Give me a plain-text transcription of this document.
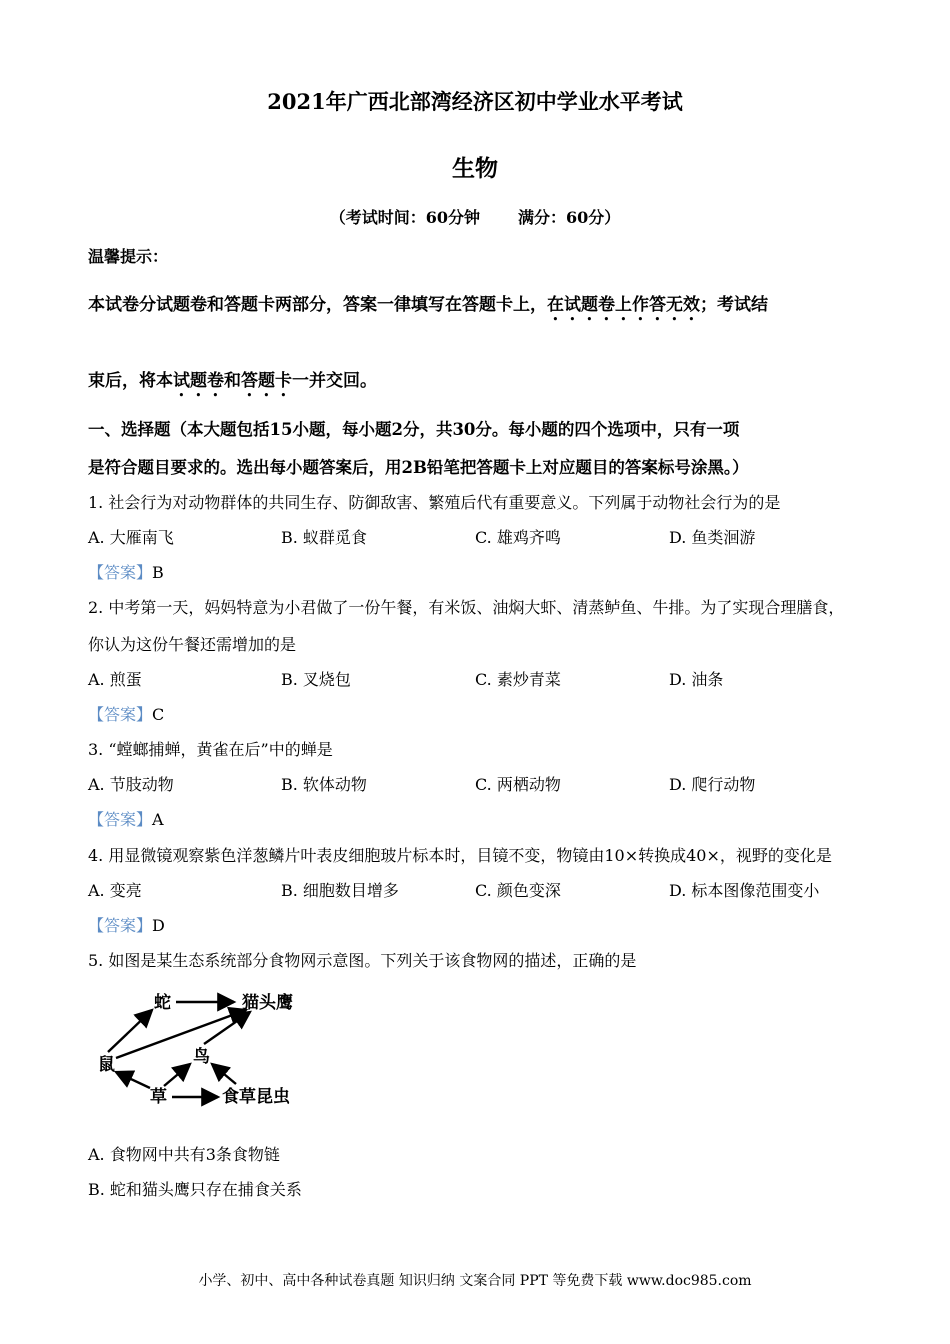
2021年广西北部湾经济区初中学业水平考试
生物
（考试时间：60分钟 满分：60分）
温馨提示：
本试卷分试题卷和答题卡两部分，答案一律填写在答题卡上，在试题卷上作答无效；考试结
束后，将本试题卷和答题卡一并交回。
一、选择题（本大题包括15小题，每小题2分，共30分。每小题的四个选项中，只有一项
是符合题目要求的。选出每小题答案后，用2B铅笔把答题卡上对应题目的答案标号涂黑。）
1. 社会行为对动物群体的共同生存、防御敌害、繁殖后代有重要意义。下列属于动物社会行为的是
A. 大雁南飞	B. 蚁群觅食	C. 雄鸡齐鸣	D. 鱼类洄游
【答案】B
2. 中考第一天，妈妈特意为小君做了一份午餐，有米饭、油焖大虾、清蒸鲈鱼、牛排。为了实现合理膳食，
你认为这份午餐还需增加的是
A. 煎蛋	B. 叉烧包	C. 素炒青菜	D. 油条
【答案】C
3. “螳螂捕蝉，黄雀在后”中的蝉是
A. 节肢动物	B. 软体动物	C. 两栖动物	D. 爬行动物
【答案】A
4. 用显微镜观察紫色洋葱鳞片叶表皮细胞玻片标本时，目镜不变，物镜由10×转换成40×，视野的变化是
A. 变亮	B. 细胞数目增多	C. 颜色变深	D. 标本图像范围变小
【答案】D
5. 如图是某生态系统部分食物网示意图。下列关于该食物网的描述，正确的是
蛇	猫头鹰
鼠	鸟
草	食草昆虫
A. 食物网中共有3条食物链
B. 蛇和猫头鹰只存在捕食关系
小学、初中、高中各种试卷真题 知识归纳 文案合同 PPT 等免费下载 www.doc985.com
